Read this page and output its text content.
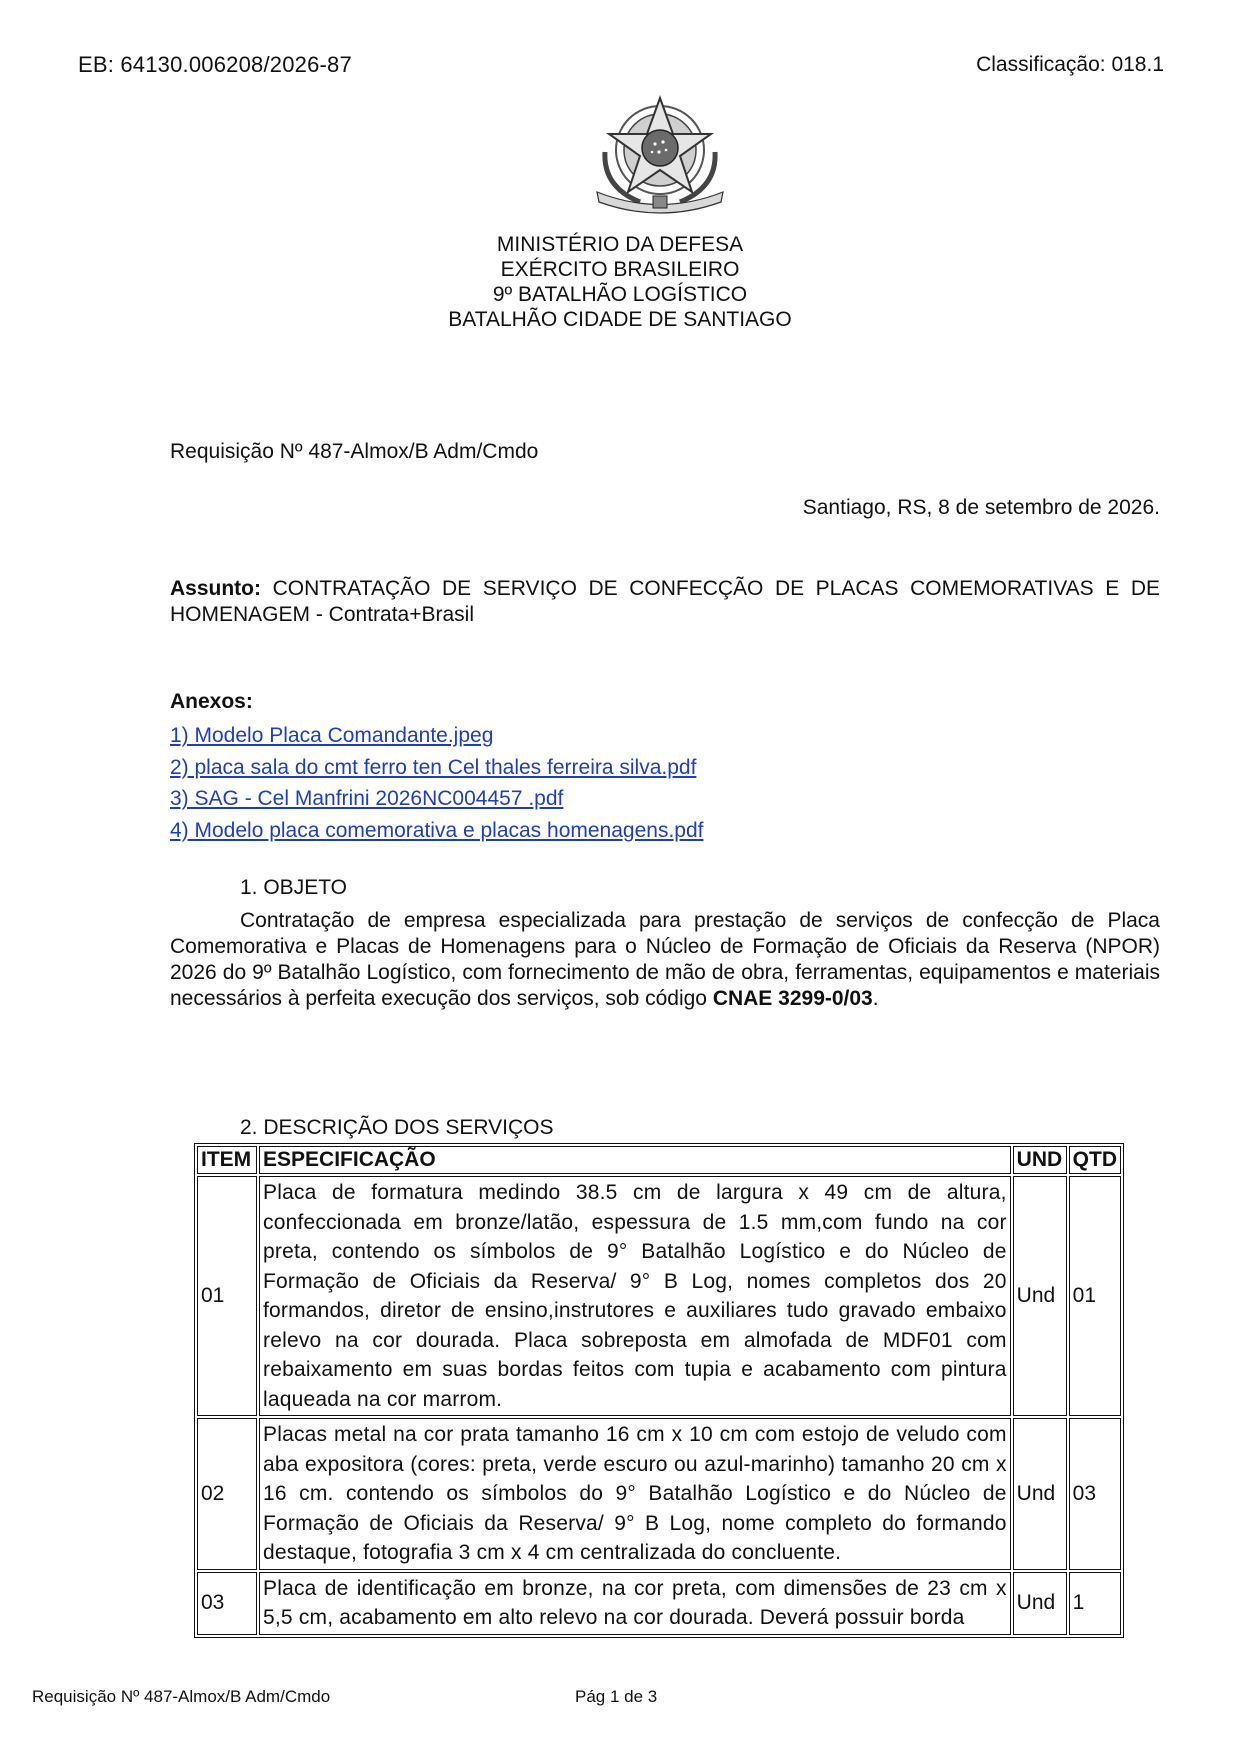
EB: 64130.006208/2026-87	Classificação: 018.1
MINISTÉRIO DA DEFESA
EXÉRCITO BRASILEIRO
9º BATALHÃO LOGÍSTICO
BATALHÃO CIDADE DE SANTIAGO
Requisição Nº 487-Almox/B Adm/Cmdo
Santiago, RS, 8 de setembro de 2026.
Assunto: CONTRATAÇÃO DE SERVIÇO DE CONFECÇÃO DE PLACAS COMEMORATIVAS E DE HOMENAGEM - Contrata+Brasil
Anexos:
1) Modelo Placa Comandante.jpeg
2) placa sala do cmt ferro ten Cel thales ferreira silva.pdf
3) SAG - Cel Manfrini 2026NC004457 .pdf
4) Modelo placa comemorativa e placas homenagens.pdf
1. OBJETO
Contratação de empresa especializada para prestação de serviços de confecção de Placa Comemorativa e Placas de Homenagens para o Núcleo de Formação de Oficiais da Reserva (NPOR) 2026 do 9º Batalhão Logístico, com fornecimento de mão de obra, ferramentas, equipamentos e materiais necessários à perfeita execução dos serviços, sob código CNAE 3299-0/03.
2. DESCRIÇÃO DOS SERVIÇOS
ITEM	ESPECIFICAÇÃO	UND	QTD
01	Placa de formatura medindo 38.5 cm de largura x 49 cm de altura, confeccionada em bronze/latão, espessura de 1.5 mm,com fundo na cor preta, contendo os símbolos de 9° Batalhão Logístico e do Núcleo de Formação de Oficiais da Reserva/ 9° B Log, nomes completos dos 20 formandos, diretor de ensino,instrutores e auxiliares tudo gravado embaixo relevo na cor dourada. Placa sobreposta em almofada de MDF01 com rebaixamento em suas bordas feitos com tupia e acabamento com pintura laqueada na cor marrom.	Und	01
02	Placas metal na cor prata tamanho 16 cm x 10 cm com estojo de veludo com aba expositora (cores: preta, verde escuro ou azul-marinho) tamanho 20 cm x 16 cm. contendo os símbolos do 9° Batalhão Logístico e do Núcleo de Formação de Oficiais da Reserva/ 9° B Log, nome completo do formando destaque, fotografia 3 cm x 4 cm centralizada do concluente.	Und	03
03	Placa de identificação em bronze, na cor preta, com dimensões de 23 cm x 5,5 cm, acabamento em alto relevo na cor dourada. Deverá possuir borda	Und	1
Requisição Nº 487-Almox/B Adm/Cmdo	Pág 1 de 3
